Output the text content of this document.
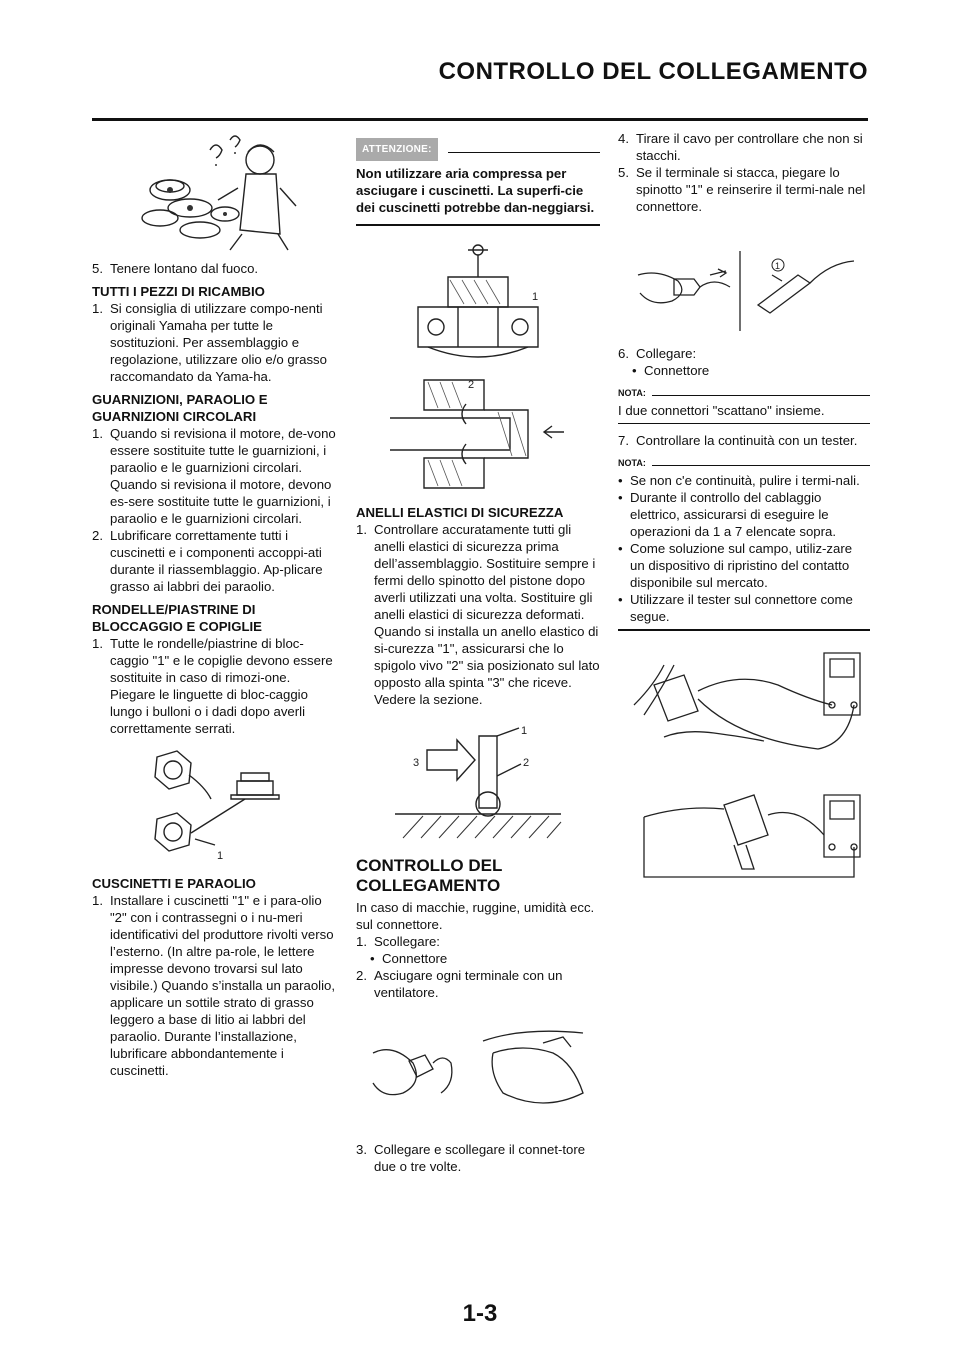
CONTROLLO DEL COLLEGAMENTO
5. Tenere lontano dal fuoco.
TUTTI I PEZZI DI RICAMBIO
1. Si consiglia di utilizzare compo-nenti originali Yamaha per tutte le sostituzioni. Per assemblaggio e regolazione, utilizzare olio e/o grasso raccomandato da Yama-ha.
GUARNIZIONI, PARAOLIO E GUARNIZIONI CIRCOLARI
1. Quando si revisiona il motore, de-vono essere sostituite tutte le guarnizioni, i paraolio e le guarnizioni circolari. Quando si revisiona il motore, devono es-sere sostituite tutte le guarnizioni, i paraolio e le guarnizioni circolari.
2. Lubrificare correttamente tutti i cuscinetti e i componenti accoppi-ati durante il riassemblaggio. Ap-plicare grasso ai labbri dei paraolio.
RONDELLE/PIASTRINE DI BLOCCAGGIO E COPIGLIE
1. Tutte le rondelle/piastrine di bloc-caggio "1" e le copiglie devono essere sostituite in caso di rimozi-one. Piegare le linguette di bloc-caggio lungo i bulloni o i dadi dopo averli correttamente serrati.
1
CUSCINETTI E PARAOLIO
1. Installare i cuscinetti "1" e i para-olio "2" con i contrassegni o i nu-meri identificativi del produttore rivolti verso l’esterno. (In altre pa-role, le lettere impresse devono trovarsi sul lato visibile.) Quando s’installa un paraolio, applicare un sottile strato di grasso leggero a base di litio ai labbri del paraolio. Durante l’installazione, lubrificare abbondantemente i cuscinetti.
ATTENZIONE:
Non utilizzare aria compressa per asciugare i cuscinetti. La superfi-cie dei cuscinetti potrebbe dan-neggiarsi.
1
2
ANELLI ELASTICI DI SICUREZZA
1. Controllare accuratamente tutti gli anelli elastici di sicurezza prima dell’assemblaggio. Sostituire sempre i fermi dello spinotto del pistone dopo averli utilizzati una volta. Sostituire gli anelli elastici di sicurezza deformati. Quando si installa un anello elastico di si-curezza "1", assicurarsi che lo spigolo vivo "2" sia posizionato sul lato opposto alla spinta "3" che riceve. Vedere la sezione.
1
2
3
CONTROLLO DEL COLLEGAMENTO
In caso di macchie, ruggine, umidità ecc. sul connettore.
1. Scollegare:
• Connettore
2. Asciugare ogni terminale con un ventilatore.
3. Collegare e scollegare il connet-tore due o tre volte.
4. Tirare il cavo per controllare che non si stacchi.
5. Se il terminale si stacca, piegare lo spinotto "1" e reinserire il termi-nale nel connettore.
1
6. Collegare:
• Connettore
NOTA:
I due connettori "scattano" insieme.
7. Controllare la continuità con un tester.
NOTA:
• Se non c'e continuità, pulire i termi-nali.
• Durante il controllo del cablaggio elettrico, assicurarsi di eseguire le operazioni da 1 a 7 elencate sopra.
• Come soluzione sul campo, utiliz-zare un dispositivo di ripristino del contatto disponibile sul mercato.
• Utilizzare il tester sul connettore come segue.
1-3
